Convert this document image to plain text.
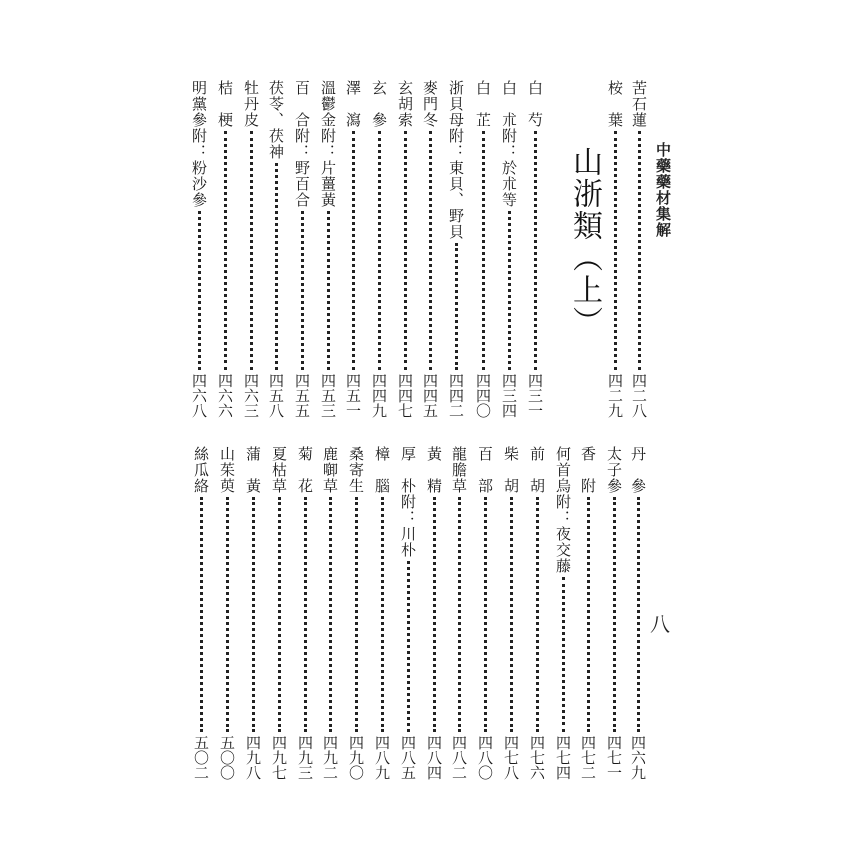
中藥藥材集解
八
山浙類（上）
苦石蓮
四二八
桉　葉
四二九
白　芍
四三一
白　朮附：於朮等
四三四
白　芷
四四〇
浙貝母附：東貝、野貝
四四二
麥門冬
四四五
玄胡索
四四七
玄　參
四四九
澤　瀉
四五一
溫鬱金附：片薑黃
四五三
百　合附：野百合
四五五
茯苓、茯神
四五八
牡丹皮
四六三
桔　梗
四六六
明黨參附：粉沙參
四六八
丹　參
四六九
太子參
四七一
香　附
四七二
何首烏附：夜交藤
四七四
前　胡
四七六
柴　胡
四七八
百　部
四八〇
龍膽草
四八二
黃　精
四八四
厚　朴附：川朴
四八五
樟　腦
四八九
桑寄生
四九〇
鹿啣草
四九二
菊　花
四九三
夏枯草
四九七
蒲　黃
四九八
山茱萸
五〇〇
絲瓜絡
五〇二
